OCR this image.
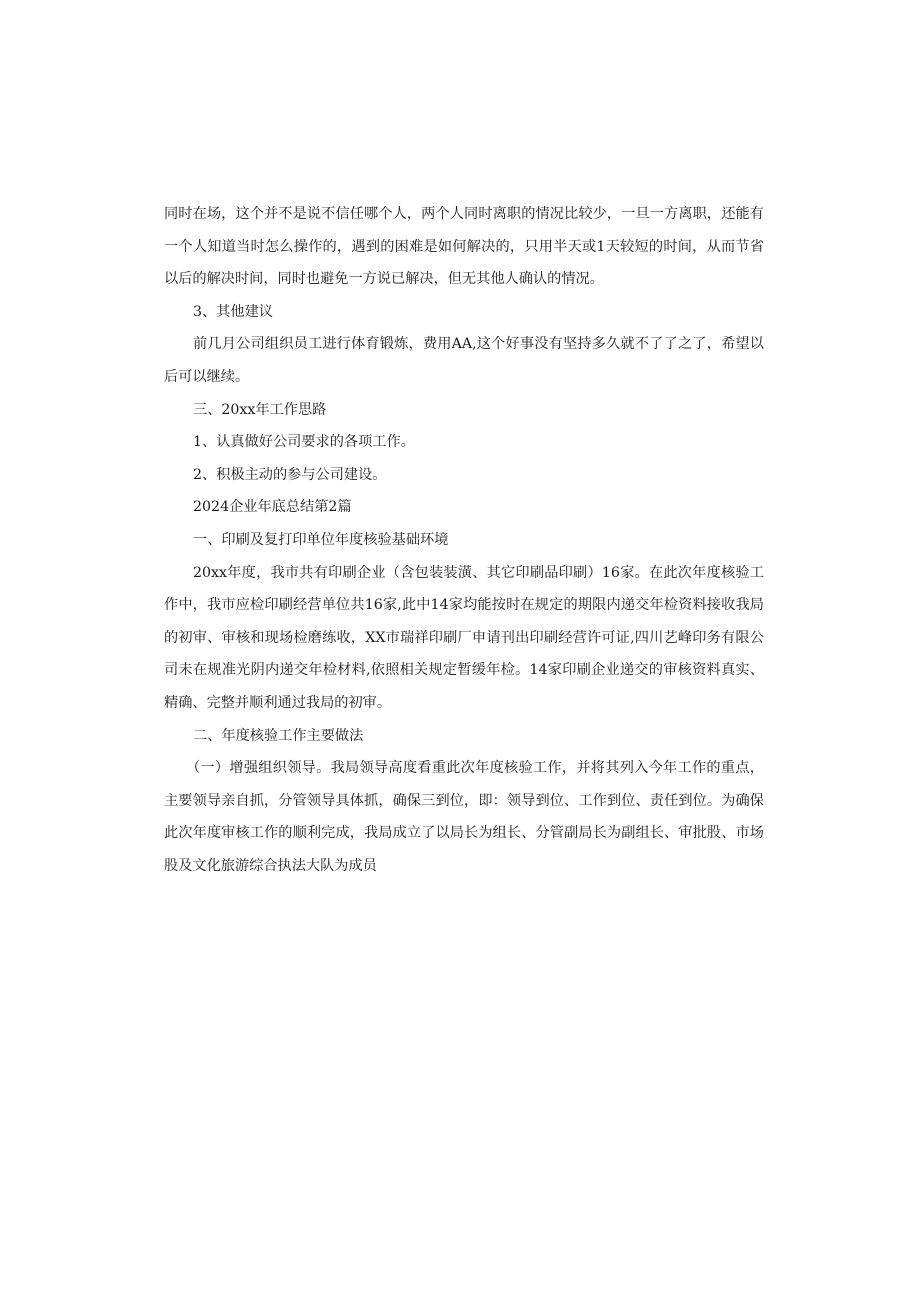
同时在场，这个并不是说不信任哪个人，两个人同时离职的情况比较少，一旦一方离职，还能有一个人知道当时怎么操作的，遇到的困难是如何解决的，只用半天或1天较短的时间，从而节省以后的解决时间，同时也避免一方说已解决，但无其他人确认的情况。

3、其他建议

前几月公司组织员工进行体育锻炼，费用AA,这个好事没有坚持多久就不了了之了，希望以后可以继续。

三、20xx年工作思路

1、认真做好公司要求的各项工作。

2、积极主动的参与公司建设。

2024企业年底总结第2篇

一、印刷及复打印单位年度核验基础环境

20xx年度，我市共有印刷企业（含包装装潢、其它印刷品印刷）16家。在此次年度核验工作中，我市应检印刷经营单位共16家,此中14家均能按时在规定的期限内递交年检资料接收我局的初审、审核和现场检磨练收，XX市瑞祥印刷厂申请刊出印刷经营许可证,四川艺峰印务有限公司未在规准光阴内递交年检材料,依照相关规定暂缓年检。14家印刷企业递交的审核资料真实、精确、完整并顺利通过我局的初审。

二、年度核验工作主要做法

（一）增强组织领导。我局领导高度看重此次年度核验工作，并将其列入今年工作的重点，主要领导亲自抓，分管领导具体抓，确保三到位，即：领导到位、工作到位、责任到位。为确保此次年度审核工作的顺利完成，我局成立了以局长为组长、分管副局长为副组长、审批股、市场股及文化旅游综合执法大队为成员
